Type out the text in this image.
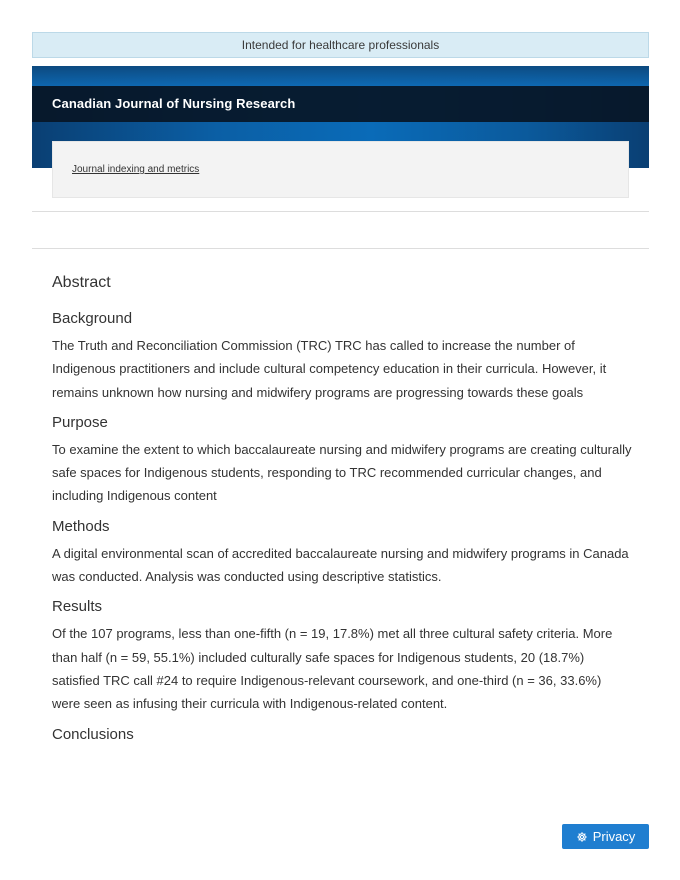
Intended for healthcare professionals
Canadian Journal of Nursing Research
Journal indexing and metrics
Abstract
Background

The Truth and Reconciliation Commission (TRC) TRC has called to increase the number of Indigenous practitioners and include cultural competency education in their curricula. However, it remains unknown how nursing and midwifery programs are progressing towards these goals

Purpose

To examine the extent to which baccalaureate nursing and midwifery programs are creating culturally safe spaces for Indigenous students, responding to TRC recommended curricular changes, and including Indigenous content

Methods

A digital environmental scan of accredited baccalaureate nursing and midwifery programs in Canada was conducted. Analysis was conducted using descriptive statistics.

Results

Of the 107 programs, less than one-fifth (n = 19, 17.8%) met all three cultural safety criteria. More than half (n = 59, 55.1%) included culturally safe spaces for Indigenous students, 20 (18.7%) satisfied TRC call #24 to require Indigenous-relevant coursework, and one-third (n = 36, 33.6%) were seen as infusing their curricula with Indigenous-related content.

Conclusions
Privacy
